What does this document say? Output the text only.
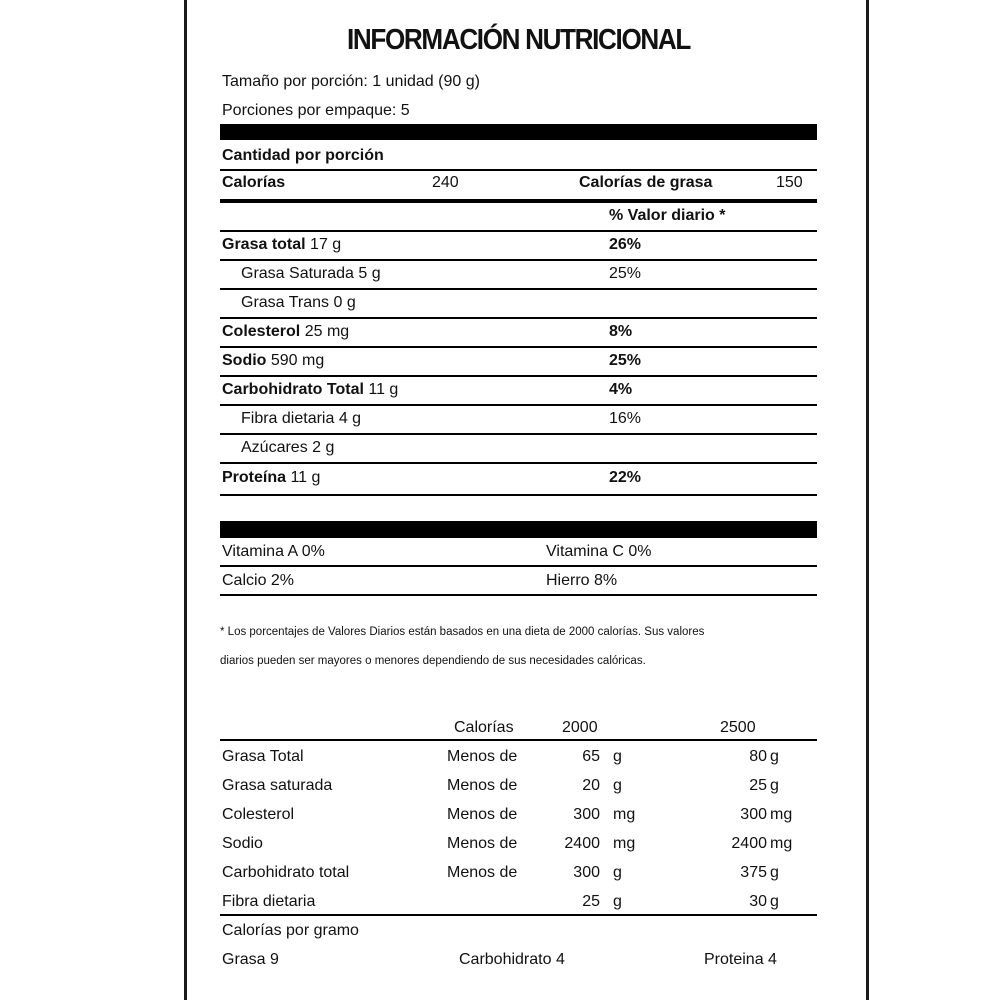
INFORMACIÓN NUTRICIONAL
Tamaño por porción: 1 unidad (90 g)
Porciones por empaque: 5
Cantidad por porción
Calorías	240	Calorías de grasa	150
% Valor diario *
Grasa total 17 g	26%
Grasa Saturada 5 g	25%
Grasa Trans 0 g
Colesterol 25 mg	8%
Sodio 590 mg	25%
Carbohidrato Total 11 g	4%
Fibra dietaria 4 g	16%
Azúcares 2 g
Proteína 11 g	22%
Vitamina A 0%	Vitamina C 0%
Calcio 2%	Hierro 8%
* Los porcentajes de Valores Diarios están basados en una dieta de 2000 calorías. Sus valores
diarios pueden ser mayores o menores dependiendo de sus necesidades calóricas.
Calorías	2000	2500
Grasa Total	Menos de	65 g	80 g
Grasa saturada	Menos de	20 g	25 g
Colesterol	Menos de	300 mg	300 mg
Sodio	Menos de	2400 mg	2400 mg
Carbohidrato total	Menos de	300 g	375 g
Fibra dietaria	25 g	30 g
Calorías por gramo
Grasa 9	Carbohidrato 4	Proteina 4
